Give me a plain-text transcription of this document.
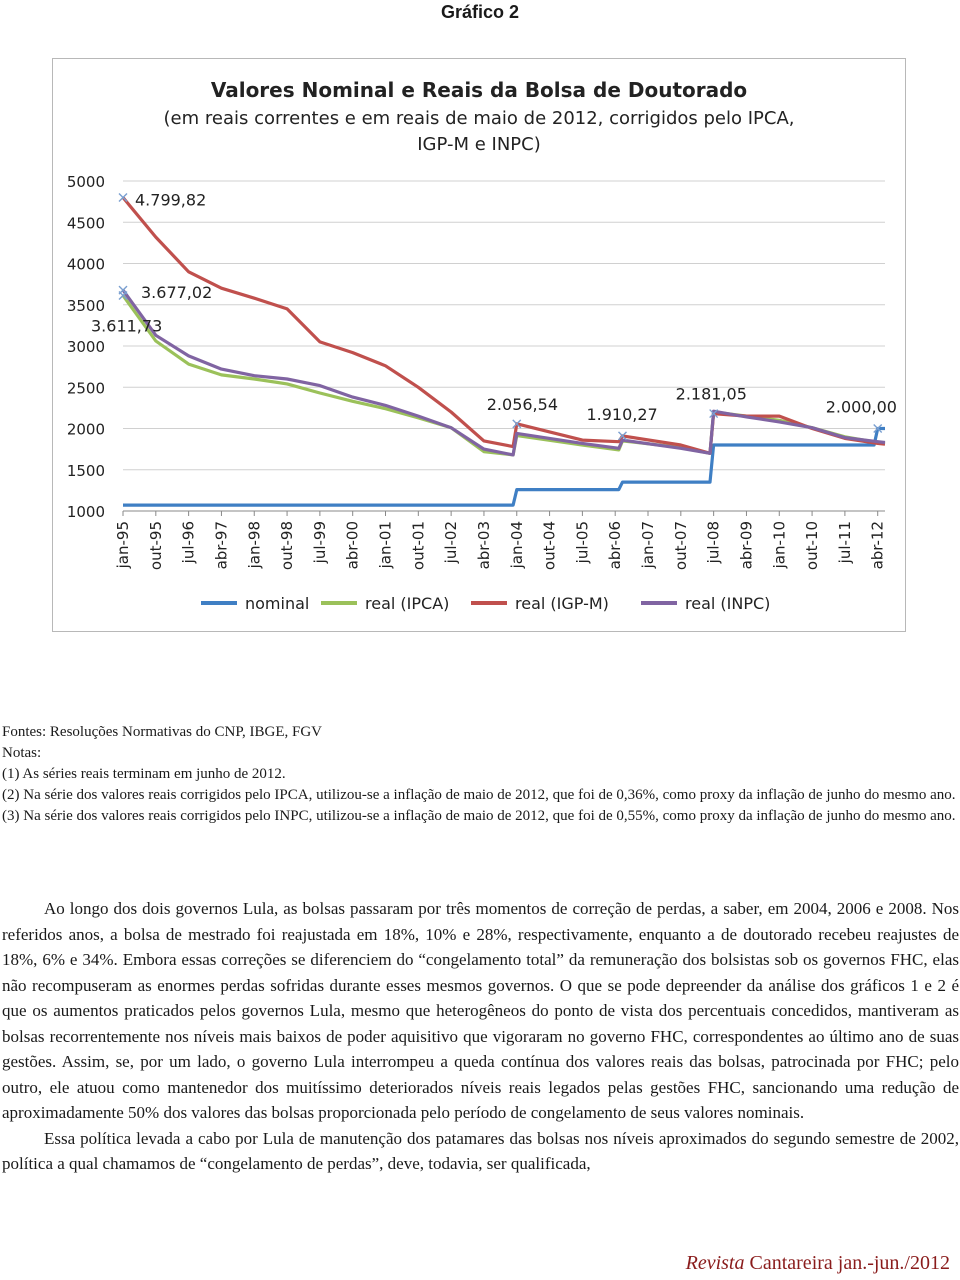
Gráfico 2
Valores Nominal e Reais da Bolsa de Doutorado
(em reais correntes e em reais de maio de 2012, corrigidos pelo IPCA,
IGP-M e INPC)
1000
1500
2000
2500
3000
3500
4000
4500
5000
jan-95 out-95 jul-96 abr-97 jan-98 out-98 jul-99 abr-00 jan-01 out-01 jul-02 abr-03 jan-04 out-04 jul-05 abr-06 jan-07 out-07 jul-08 abr-09 jan-10 out-10 jul-11 abr-12
4.799,82
3.677,02
3.611,73
2.056,54
1.910,27
2.181,05
2.000,00
nominal	real (IPCA)	real (IGP-M)	real (INPC)
Fontes: Resoluções Normativas do CNP, IBGE, FGV
Notas:
(1) As séries reais terminam em junho de 2012.
(2) Na série dos valores reais corrigidos pelo IPCA, utilizou-se a inflação de maio de 2012, que foi de 0,36%, como proxy da inflação de junho do mesmo ano.
(3) Na série dos valores reais corrigidos pelo INPC, utilizou-se a inflação de maio de 2012, que foi de 0,55%, como proxy da inflação de junho do mesmo ano.

Ao longo dos dois governos Lula, as bolsas passaram por três momentos de correção de perdas, a saber, em 2004, 2006 e 2008. Nos referidos anos, a bolsa de mestrado foi reajustada em 18%, 10% e 28%, respectivamente, enquanto a de doutorado recebeu reajustes de 18%, 6% e 34%. Embora essas correções se diferenciem do “congelamento total” da remuneração dos bolsistas sob os governos FHC, elas não recompuseram as enormes perdas sofridas durante esses mesmos governos. O que se pode depreender da análise dos gráficos 1 e 2 é que os aumentos praticados pelos governos Lula, mesmo que heterogêneos do ponto de vista dos percentuais concedidos, mantiveram as bolsas recorrentemente nos níveis mais baixos de poder aquisitivo que vigoraram no governo FHC, correspondentes ao último ano de suas gestões. Assim, se, por um lado, o governo Lula interrompeu a queda contínua dos valores reais das bolsas, patrocinada por FHC; pelo outro, ele atuou como mantenedor dos muitíssimo deteriorados níveis reais legados pelas gestões FHC, sancionando uma redução de aproximadamente 50% dos valores das bolsas proporcionada pelo período de congelamento de seus valores nominais.

Essa política levada a cabo por Lula de manutenção dos patamares das bolsas nos níveis aproximados do segundo semestre de 2002, política a qual chamamos de “congelamento de perdas”, deve, todavia, ser qualificada,

Revista Cantareira jan.-jun./2012
